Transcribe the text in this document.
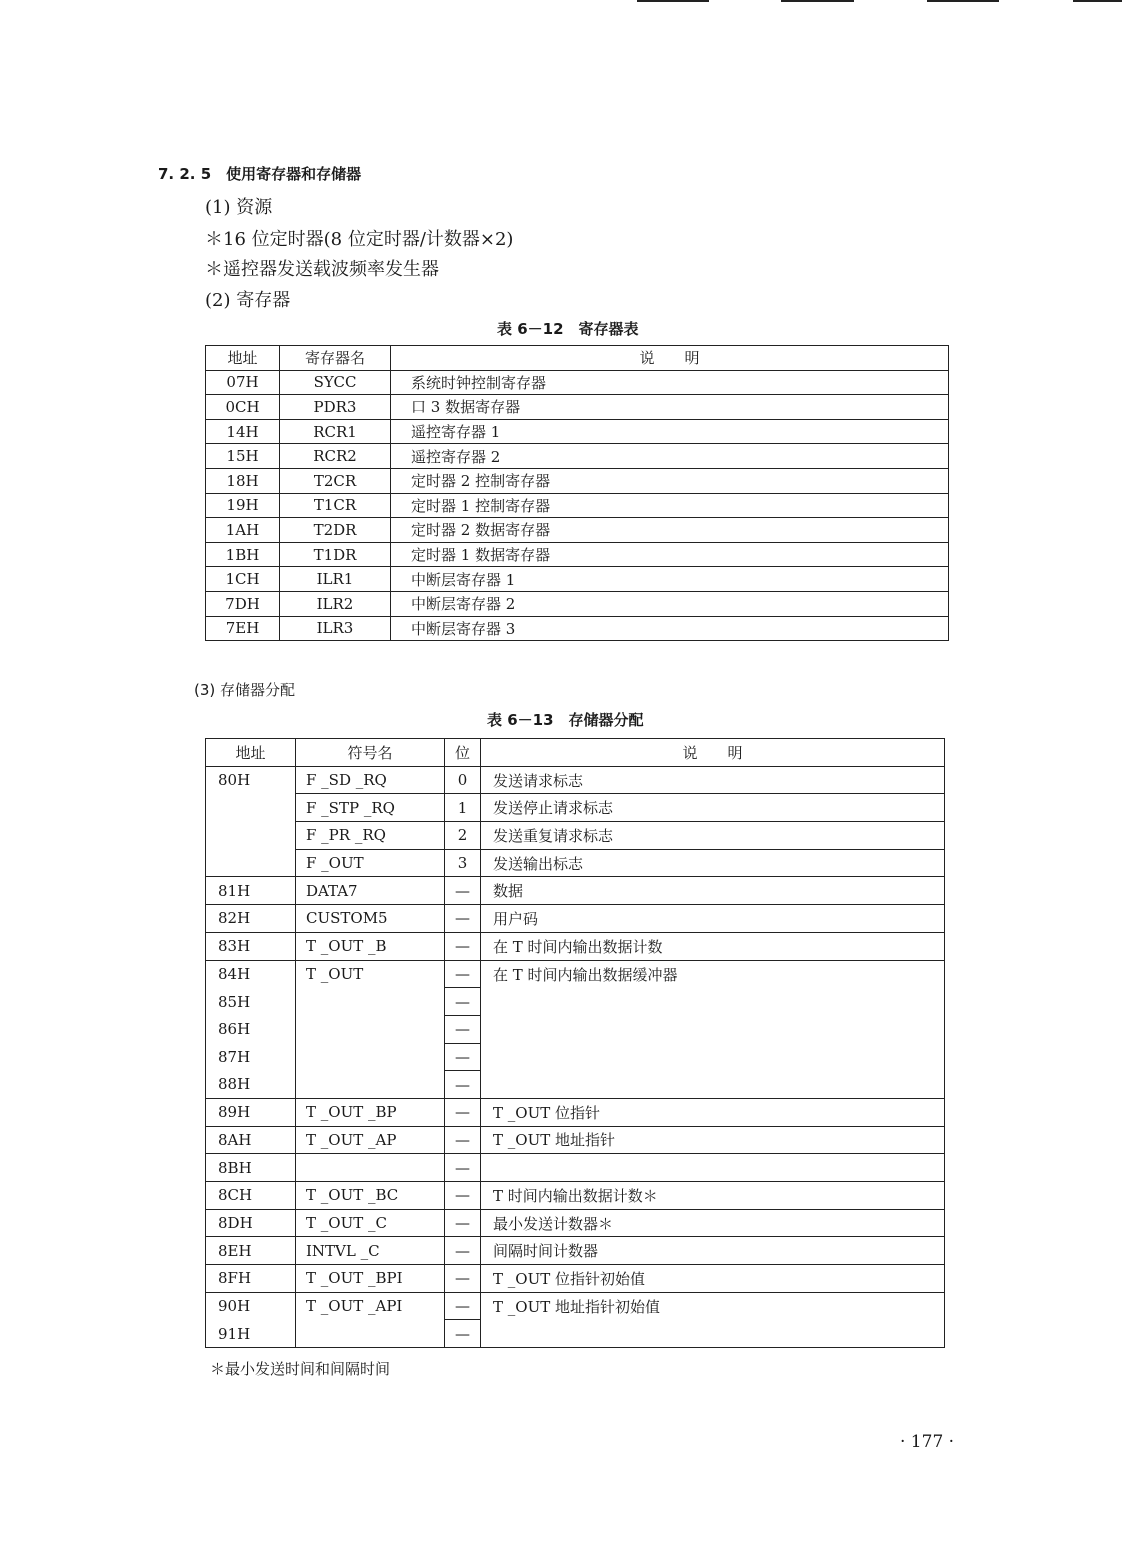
7. 2. 5　使用寄存器和存储器
(1) 资源
＊16 位定时器(8 位定时器/计数器×2)
＊遥控器发送载波频率发生器
(2) 寄存器
表 6－12　寄存器表
地址	寄存器名	说　　明
07H	SYCC	系统时钟控制寄存器
0CH	PDR3	口 3 数据寄存器
14H	RCR1	遥控寄存器 1
15H	RCR2	遥控寄存器 2
18H	T2CR	定时器 2 控制寄存器
19H	T1CR	定时器 1 控制寄存器
1AH	T2DR	定时器 2 数据寄存器
1BH	T1DR	定时器 1 数据寄存器
1CH	ILR1	中断层寄存器 1
7DH	ILR2	中断层寄存器 2
7EH	ILR3	中断层寄存器 3
(3) 存储器分配
表 6－13　存储器分配
地址	符号名	位	说　　明
80H	F _SD _RQ	0	发送请求标志
	F _STP _RQ	1	发送停止请求标志
	F _PR _RQ	2	发送重复请求标志
	F _OUT	3	发送输出标志
81H	DATA7	—	数据
82H	CUSTOM5	—	用户码
83H	T _OUT _B	—	在 T 时间内输出数据计数
84H	T _OUT	—	在 T 时间内输出数据缓冲器
85H		—	
86H		—	
87H		—	
88H		—	
89H	T _OUT _BP	—	T _OUT 位指针
8AH	T _OUT _AP	—	T _OUT 地址指针
8BH		—	
8CH	T _OUT _BC	—	T 时间内输出数据计数＊
8DH	T _OUT _C	—	最小发送计数器＊
8EH	INTVL _C	—	间隔时间计数器
8FH	T _OUT _BPI	—	T _OUT 位指针初始值
90H	T _OUT _API	—	T _OUT 地址指针初始值
91H		—	
＊最小发送时间和间隔时间
· 177 ·
